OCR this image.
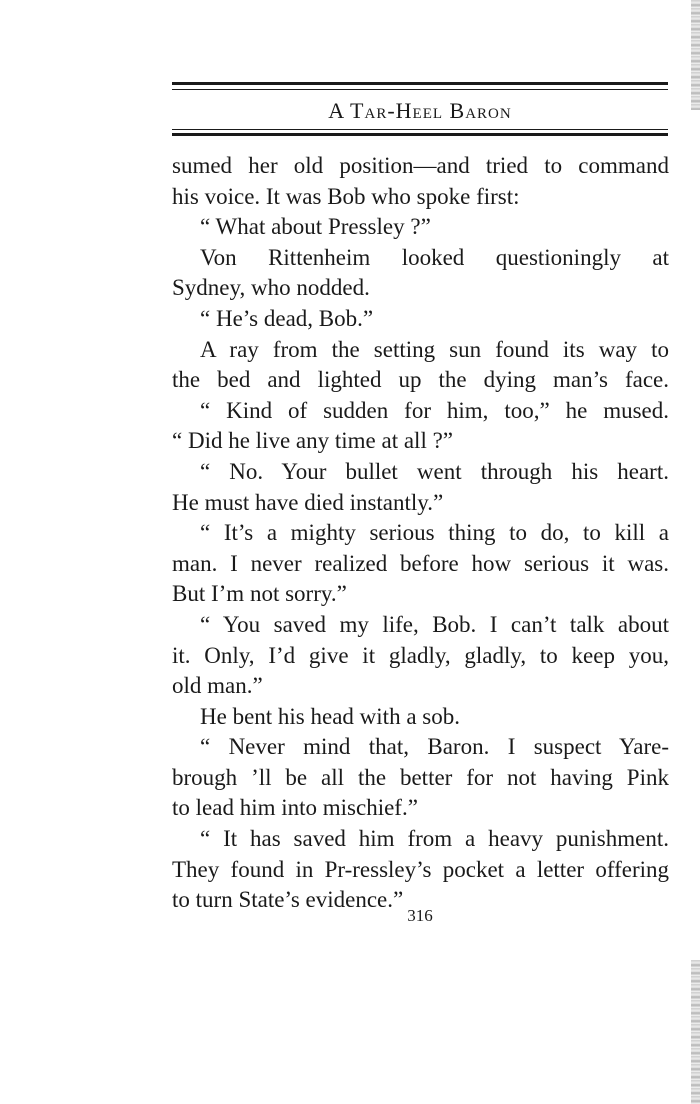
A Tar-Heel Baron
sumed her old position—and tried to command
his voice. It was Bob who spoke first:
“ What about Pressley ?”
Von Rittenheim looked questioningly at
Sydney, who nodded.
“ He’s dead, Bob.”
A ray from the setting sun found its way to
the bed and lighted up the dying man’s face.
“ Kind of sudden for him, too,” he mused.
“ Did he live any time at all ?”
“ No. Your bullet went through his heart.
He must have died instantly.”
“ It’s a mighty serious thing to do, to kill a
man. I never realized before how serious it was.
But I’m not sorry.”
“ You saved my life, Bob. I can’t talk about
it. Only, I’d give it gladly, gladly, to keep you,
old man.”
He bent his head with a sob.
“ Never mind that, Baron. I suspect Yare-
brough ’ll be all the better for not having Pink
to lead him into mischief.”
“ It has saved him from a heavy punishment.
They found in Pr-ressley’s pocket a letter offering
to turn State’s evidence.”
316
